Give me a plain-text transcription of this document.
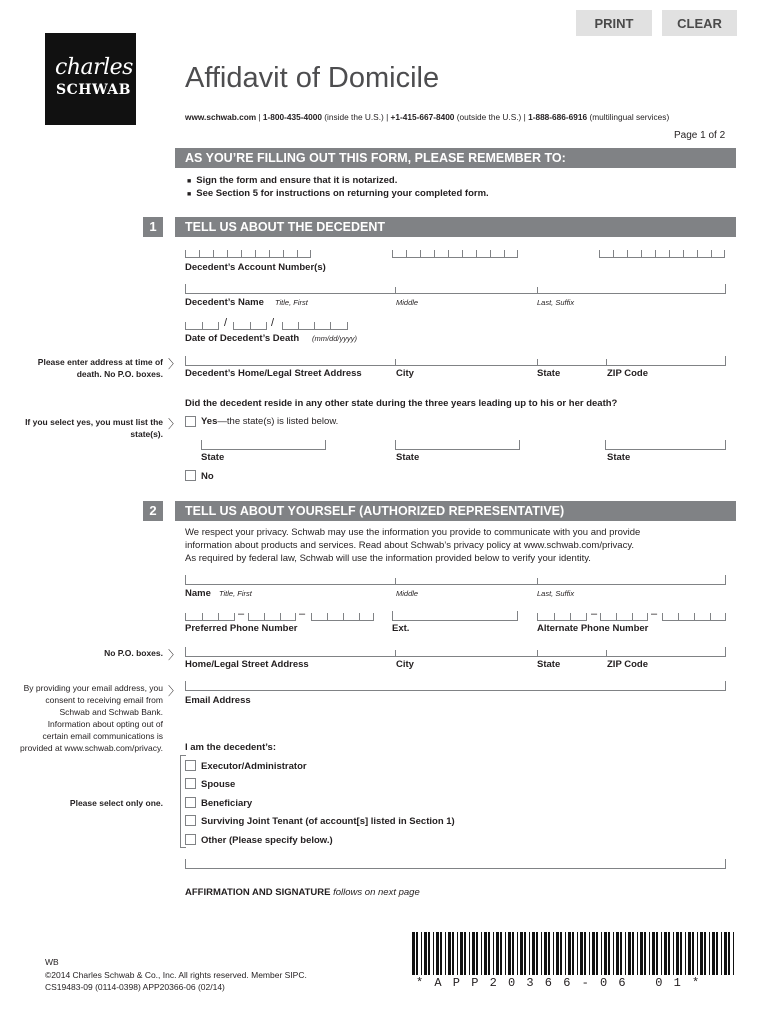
PRINT	CLEAR
charles
SCHWAB Affidavit of Domicile
www.schwab.com | 1-800-435-4000 (inside the U.S.) | +1-415-667-8400 (outside the U.S.) | 1-888-686-6916 (multilingual services)
Page 1 of 2
AS YOU’RE FILLING OUT THIS FORM, PLEASE REMEMBER TO:
■ Sign the form and ensure that it is notarized.
■ See Section 5 for instructions on returning your completed form.
1	TELL US ABOUT THE DECEDENT
Decedent’s Account Number(s)
Decedent’s Name Title, First	Middle	Last, Suffix
/	/
Date of Decedent’s Death (mm/dd/yyyy)
Please enter address at time of death. No P.O. boxes.
〉
Decedent’s Home/Legal Street Address	City	State	ZIP Code
Did the decedent reside in any other state during the three years leading up to his or her death?
If you select yes, you must list the state(s).
〉 Yes—the state(s) is listed below.
State	State	State
No
2	TELL US ABOUT YOURSELF (AUTHORIZED REPRESENTATIVE)
We respect your privacy. Schwab may use the information you provide to communicate with you and provide
information about products and services. Read about Schwab’s privacy policy at www.schwab.com/privacy.
As required by federal law, Schwab will use the information provided below to verify your identity.
Name Title, First	Middle	Last, Suffix
–	–	–	–
Preferred Phone Number	Ext.	Alternate Phone Number
No P.O. boxes. 〉
Home/Legal Street Address	City	State	ZIP Code
By providing your email address, you consent to receiving email from Schwab and Schwab Bank. Information about opting out of certain email communications is provided at www.schwab.com/privacy.
〉
Email Address
I am the decedent’s:
Please select only one.
Executor/Administrator
Spouse
Beneficiary
Surviving Joint Tenant (of account[s] listed in Section 1)
Other (Please specify below.)
AFFIRMATION AND SIGNATURE follows on next page
WB
©2014 Charles Schwab & Co., Inc. All rights reserved. Member SIPC.
CS19483-09 (0114-0398) APP20366-06 (02/14)	*APP20366-06 01*
